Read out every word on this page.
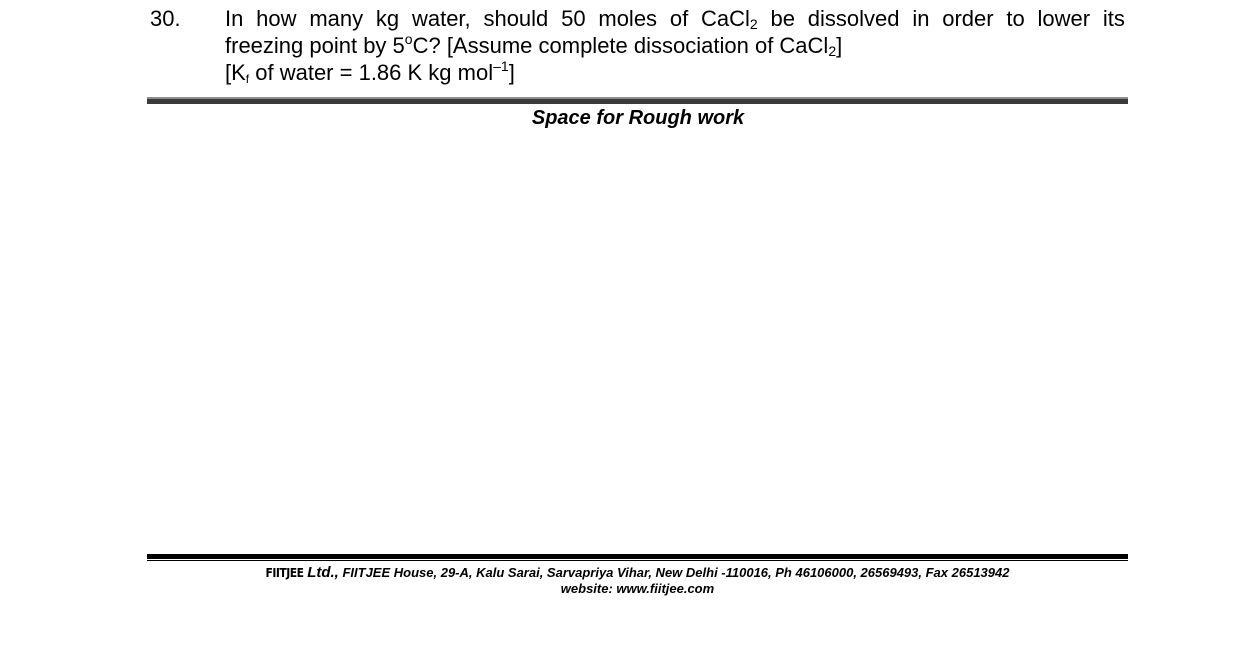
30. In how many kg water, should 50 moles of CaCl$_2$ be dissolved in order to lower its
freezing point by 5$^o$C? [Assume complete dissociation of CaCl$_2$]
[$K_f$ of water = 1.86 K kg mol$^{-1}$]
Space for Rough work
FIITJEE Ltd., FIITJEE House, 29-A, Kalu Sarai, Sarvapriya Vihar, New Delhi -110016, Ph 46106000, 26569493, Fax 26513942
website: www.fiitjee.com
